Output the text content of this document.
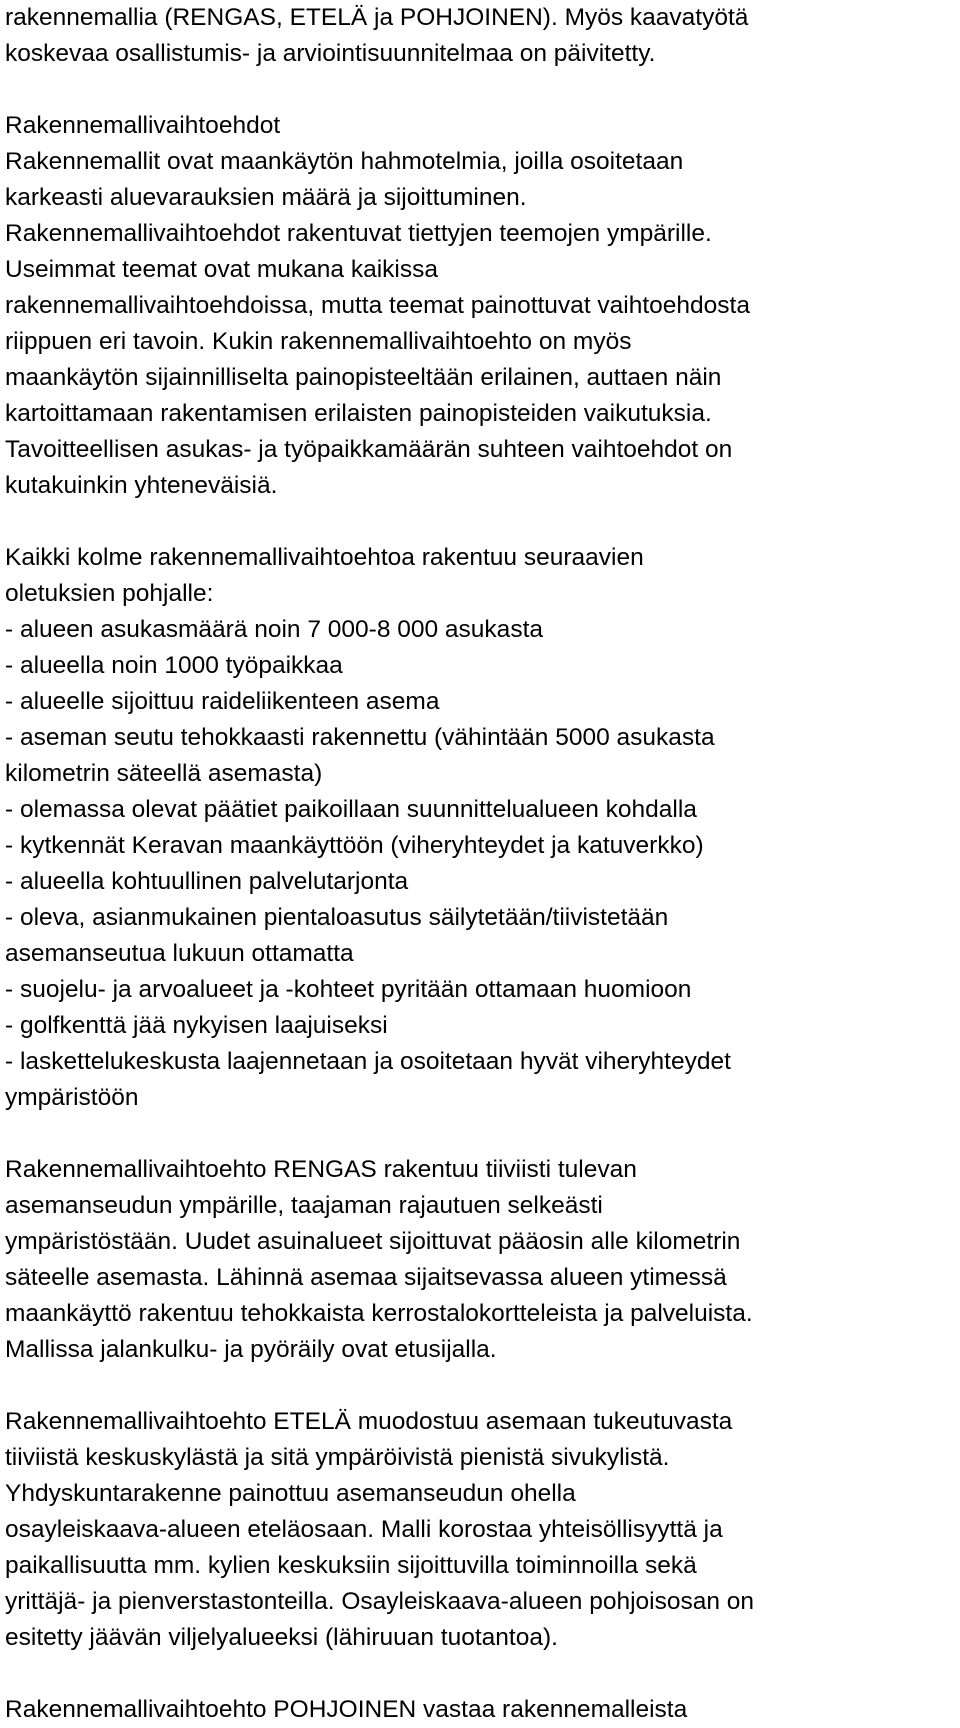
rakennemallia (RENGAS, ETELÄ ja POHJOINEN). Myös kaavatyötä
koskevaa osallistumis- ja arviointisuunnitelmaa on päivitetty.
Rakennemallivaihtoehdot
Rakennemallit ovat maankäytön hahmotelmia, joilla osoitetaan
karkeasti aluevarauksien määrä ja sijoittuminen.
Rakennemallivaihtoehdot rakentuvat tiettyjen teemojen ympärille.
Useimmat teemat ovat mukana kaikissa
rakennemallivaihtoehdoissa, mutta teemat painottuvat vaihtoehdosta
riippuen eri tavoin. Kukin rakennemallivaihtoehto on myös
maankäytön sijainnilliselta painopisteeltään erilainen, auttaen näin
kartoittamaan rakentamisen erilaisten painopisteiden vaikutuksia.
Tavoitteellisen asukas- ja työpaikkamäärän suhteen vaihtoehdot on
kutakuinkin yhteneväisiä.
Kaikki kolme rakennemallivaihtoehtoa rakentuu seuraavien
oletuksien pohjalle:
- alueen asukasmäärä noin 7 000-8 000 asukasta
- alueella noin 1000 työpaikkaa
- alueelle sijoittuu raideliikenteen asema
- aseman seutu tehokkaasti rakennettu (vähintään 5000 asukasta
kilometrin säteellä asemasta)
- olemassa olevat päätiet paikoillaan suunnittelualueen kohdalla
- kytkennät Keravan maankäyttöön (viheryhteydet ja katuverkko)
- alueella kohtuullinen palvelutarjonta
- oleva, asianmukainen pientaloasutus säilytetään/tiivistetään
asemanseutua lukuun ottamatta
- suojelu- ja arvoalueet ja -kohteet pyritään ottamaan huomioon
- golfkenttä jää nykyisen laajuiseksi
- laskettelukeskusta laajennetaan ja osoitetaan hyvät viheryhteydet
ympäristöön
Rakennemallivaihtoehto RENGAS rakentuu tiiviisti tulevan
asemanseudun ympärille, taajaman rajautuen selkeästi
ympäristöstään. Uudet asuinalueet sijoittuvat pääosin alle kilometrin
säteelle asemasta. Lähinnä asemaa sijaitsevassa alueen ytimessä
maankäyttö rakentuu tehokkaista kerrostalokortteleista ja palveluista.
Mallissa jalankulku- ja pyöräily ovat etusijalla.
Rakennemallivaihtoehto ETELÄ muodostuu asemaan tukeutuvasta
tiiviistä keskuskylästä ja sitä ympäröivistä pienistä sivukylistä.
Yhdyskuntarakenne painottuu asemanseudun ohella
osayleiskaava-alueen eteläosaan. Malli korostaa yhteisöllisyyttä ja
paikallisuutta mm. kylien keskuksiin sijoittuvilla toiminnoilla sekä
yrittäjä- ja pienverstastonteilla. Osayleiskaava-alueen pohjoisosan on
esitetty jäävän viljelyalueeksi (lähiruuan tuotantoa).
Rakennemallivaihtoehto POHJOINEN vastaa rakennemalleista
